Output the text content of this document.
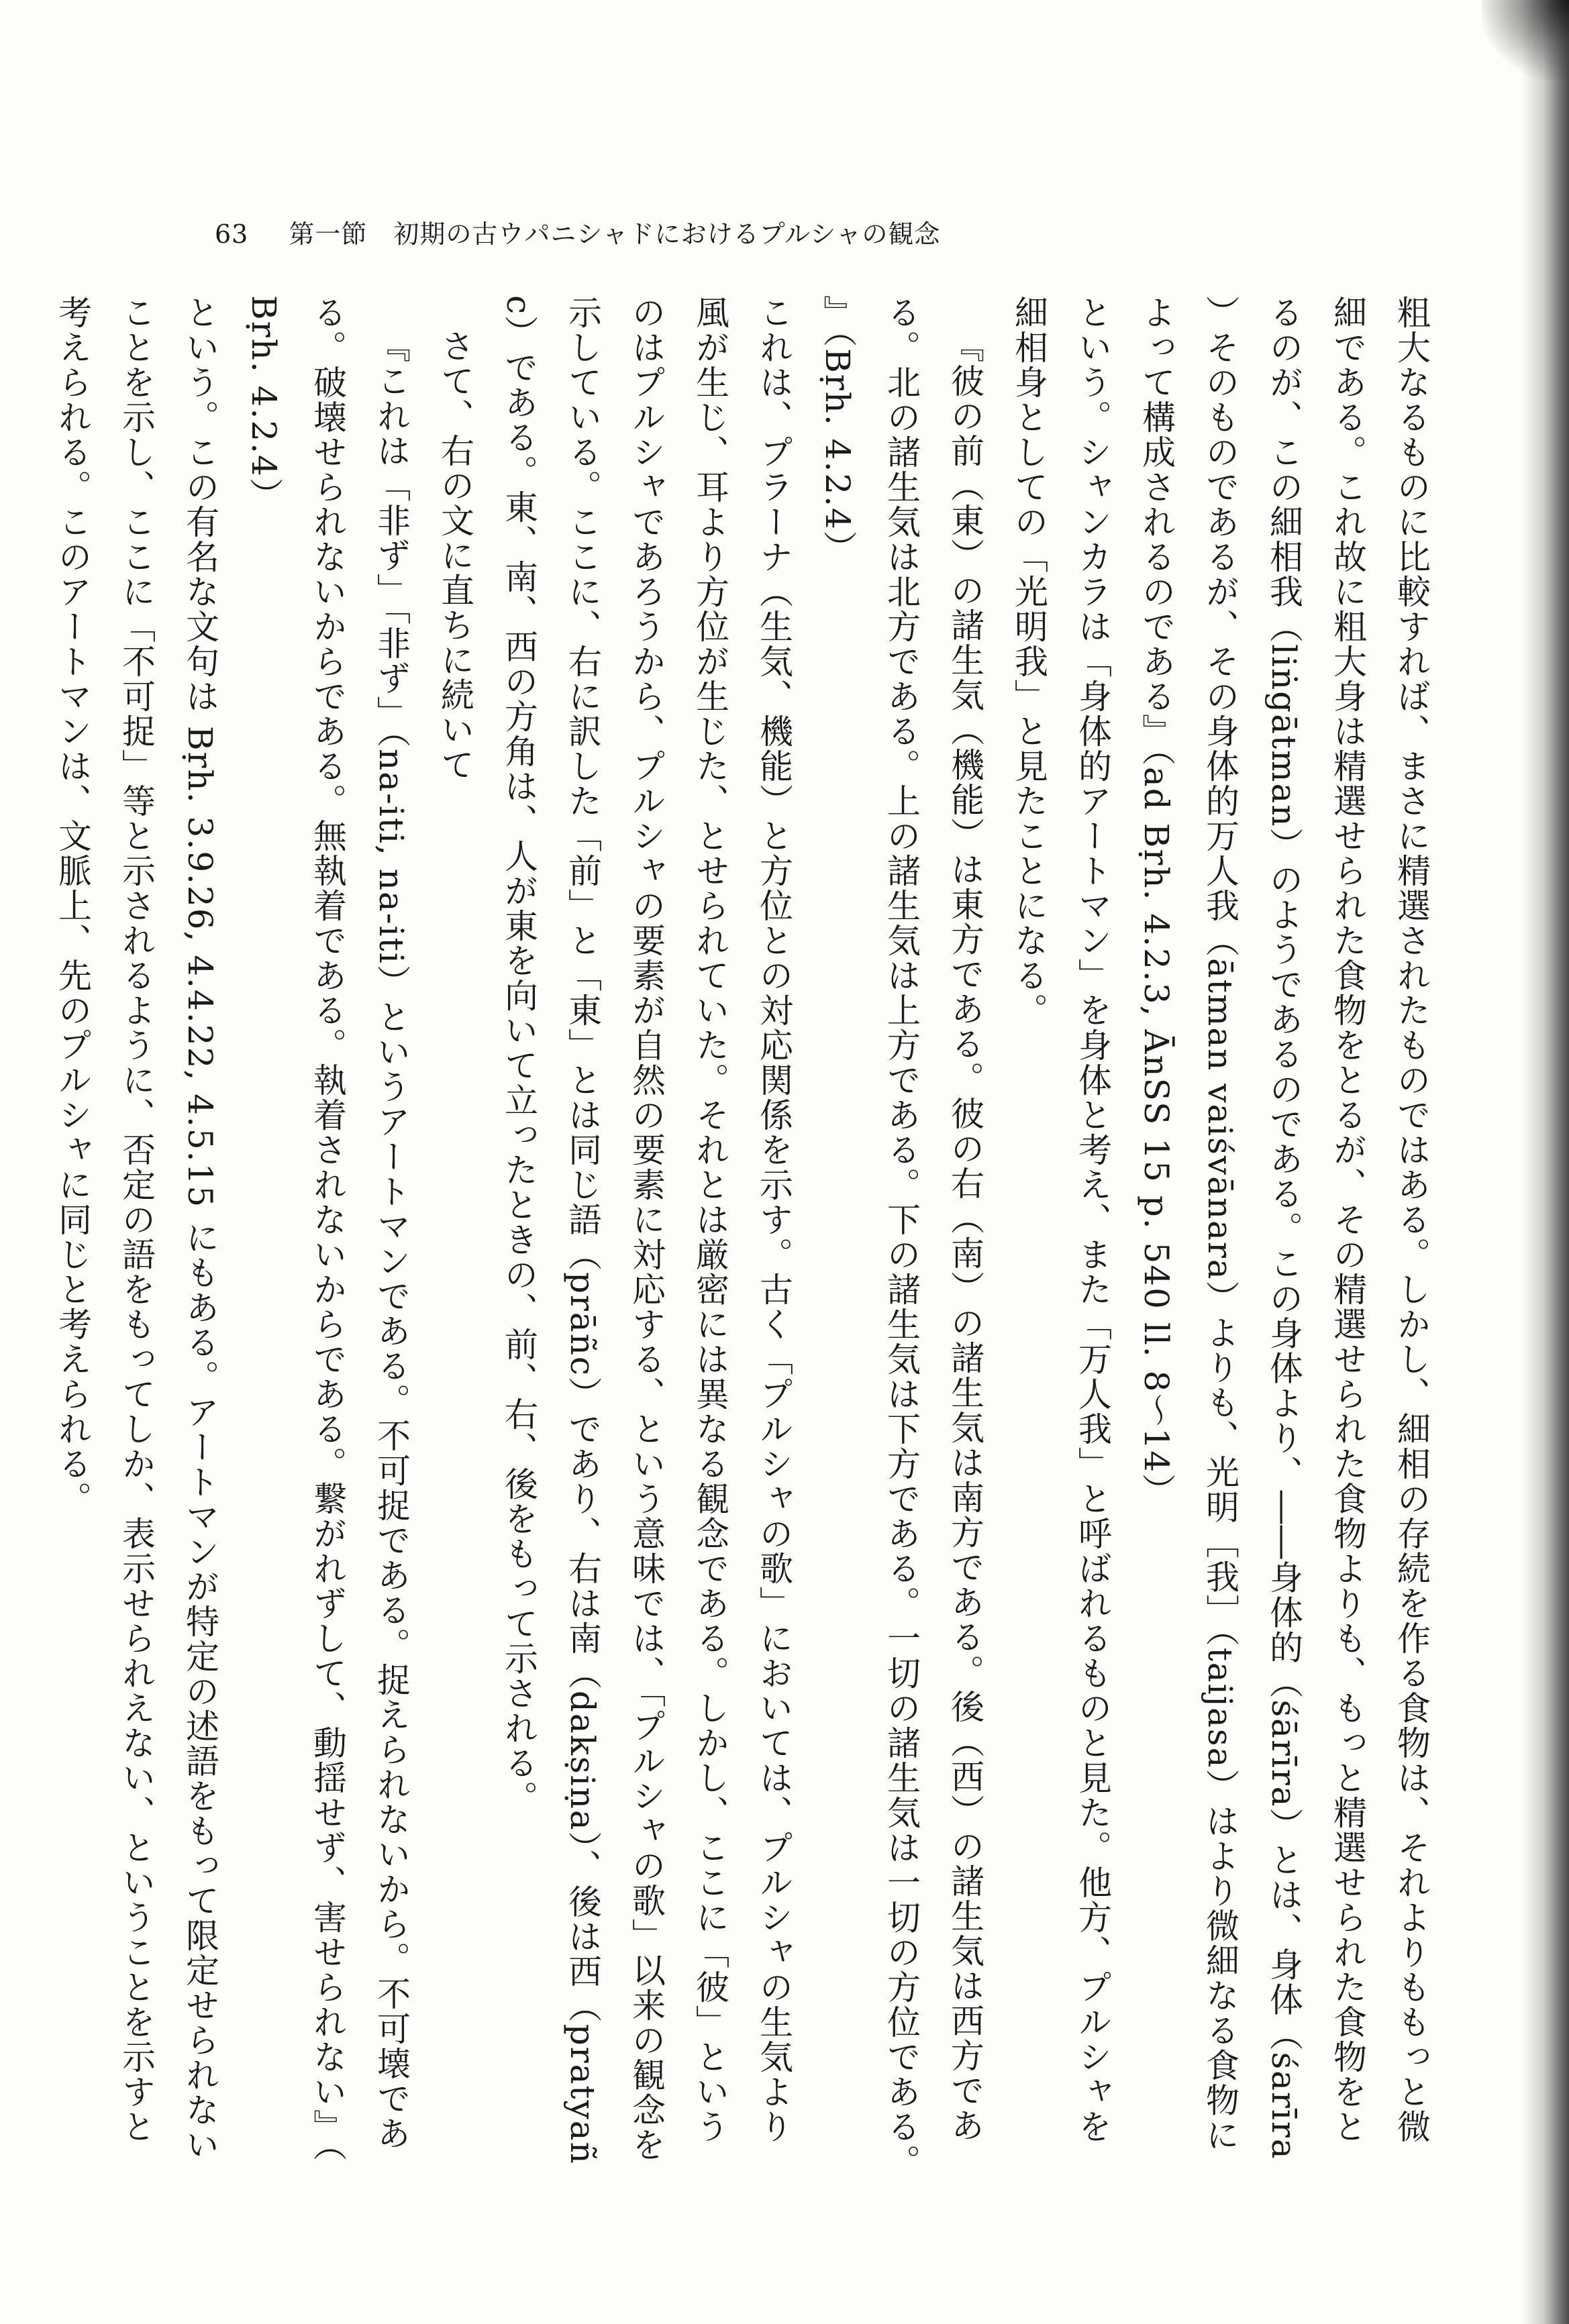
63 第一節　初期の古ウパニシャドにおけるプルシャの観念

粗大なるものに比較すれば、まさに精選されたものではある。しかし、細相の存続を作る食物は、それよりももっと微細である。これ故に粗大身は精選せられた食物をとるが、その精選せられた食物よりも、もっと精選せられた食物をとるのが、この細相我（liṅgātman）のようであるのである。この身体より、――身体的（śārīra）とは、身体（śarīra）そのものであるが、その身体的万人我（ātman vaiśvānara）よりも、光明［我］（taijasa）はより微細なる食物によって構成されるのである』（ad Bṛh. 4.2.3, ĀnSS 15 p. 540 ll. 8〜14）

という。シャンカラは「身体的アートマン」を身体と考え、また「万人我」と呼ばれるものと見た。他方、プルシャを細相身としての「光明我」と見たことになる。

『彼の前（東）の諸生気（機能）は東方である。彼の右（南）の諸生気は南方である。後（西）の諸生気は西方である。北の諸生気は北方である。上の諸生気は上方である。下の諸生気は下方である。一切の諸生気は一切の方位である。』（Bṛh. 4.2.4）

これは、プラーナ（生気、機能）と方位との対応関係を示す。古く「プルシャの歌」においては、プルシャの生気より風が生じ、耳より方位が生じた、とせられていた。それとは厳密には異なる観念である。しかし、ここに「彼」というのはプルシャであろうから、プルシャの要素が自然の要素に対応する、という意味では、「プルシャの歌」以来の観念を示している。ここに、右に訳した「前」と「東」とは同じ語（prāñc）であり、右は南（dakṣiṇa）、後は西（pratyañc）である。東、南、西の方角は、人が東を向いて立ったときの、前、右、後をもって示される。

さて、右の文に直ちに続いて

『これは「非ず」「非ず」（na-iti, na-iti）というアートマンである。不可捉である。捉えられないから。不可壊である。破壊せられないからである。無執着である。執着されないからである。繋がれずして、動揺せず、害せられない』（Bṛh. 4.2.4）

という。この有名な文句は Bṛh. 3.9.26, 4.4.22, 4.5.15 にもある。アートマンが特定の述語をもって限定せられないことを示し、ここに「不可捉」等と示されるように、否定の語をもってしか、表示せられえない、ということを示すと考えられる。このアートマンは、文脈上、先のプルシャに同じと考えられる。
